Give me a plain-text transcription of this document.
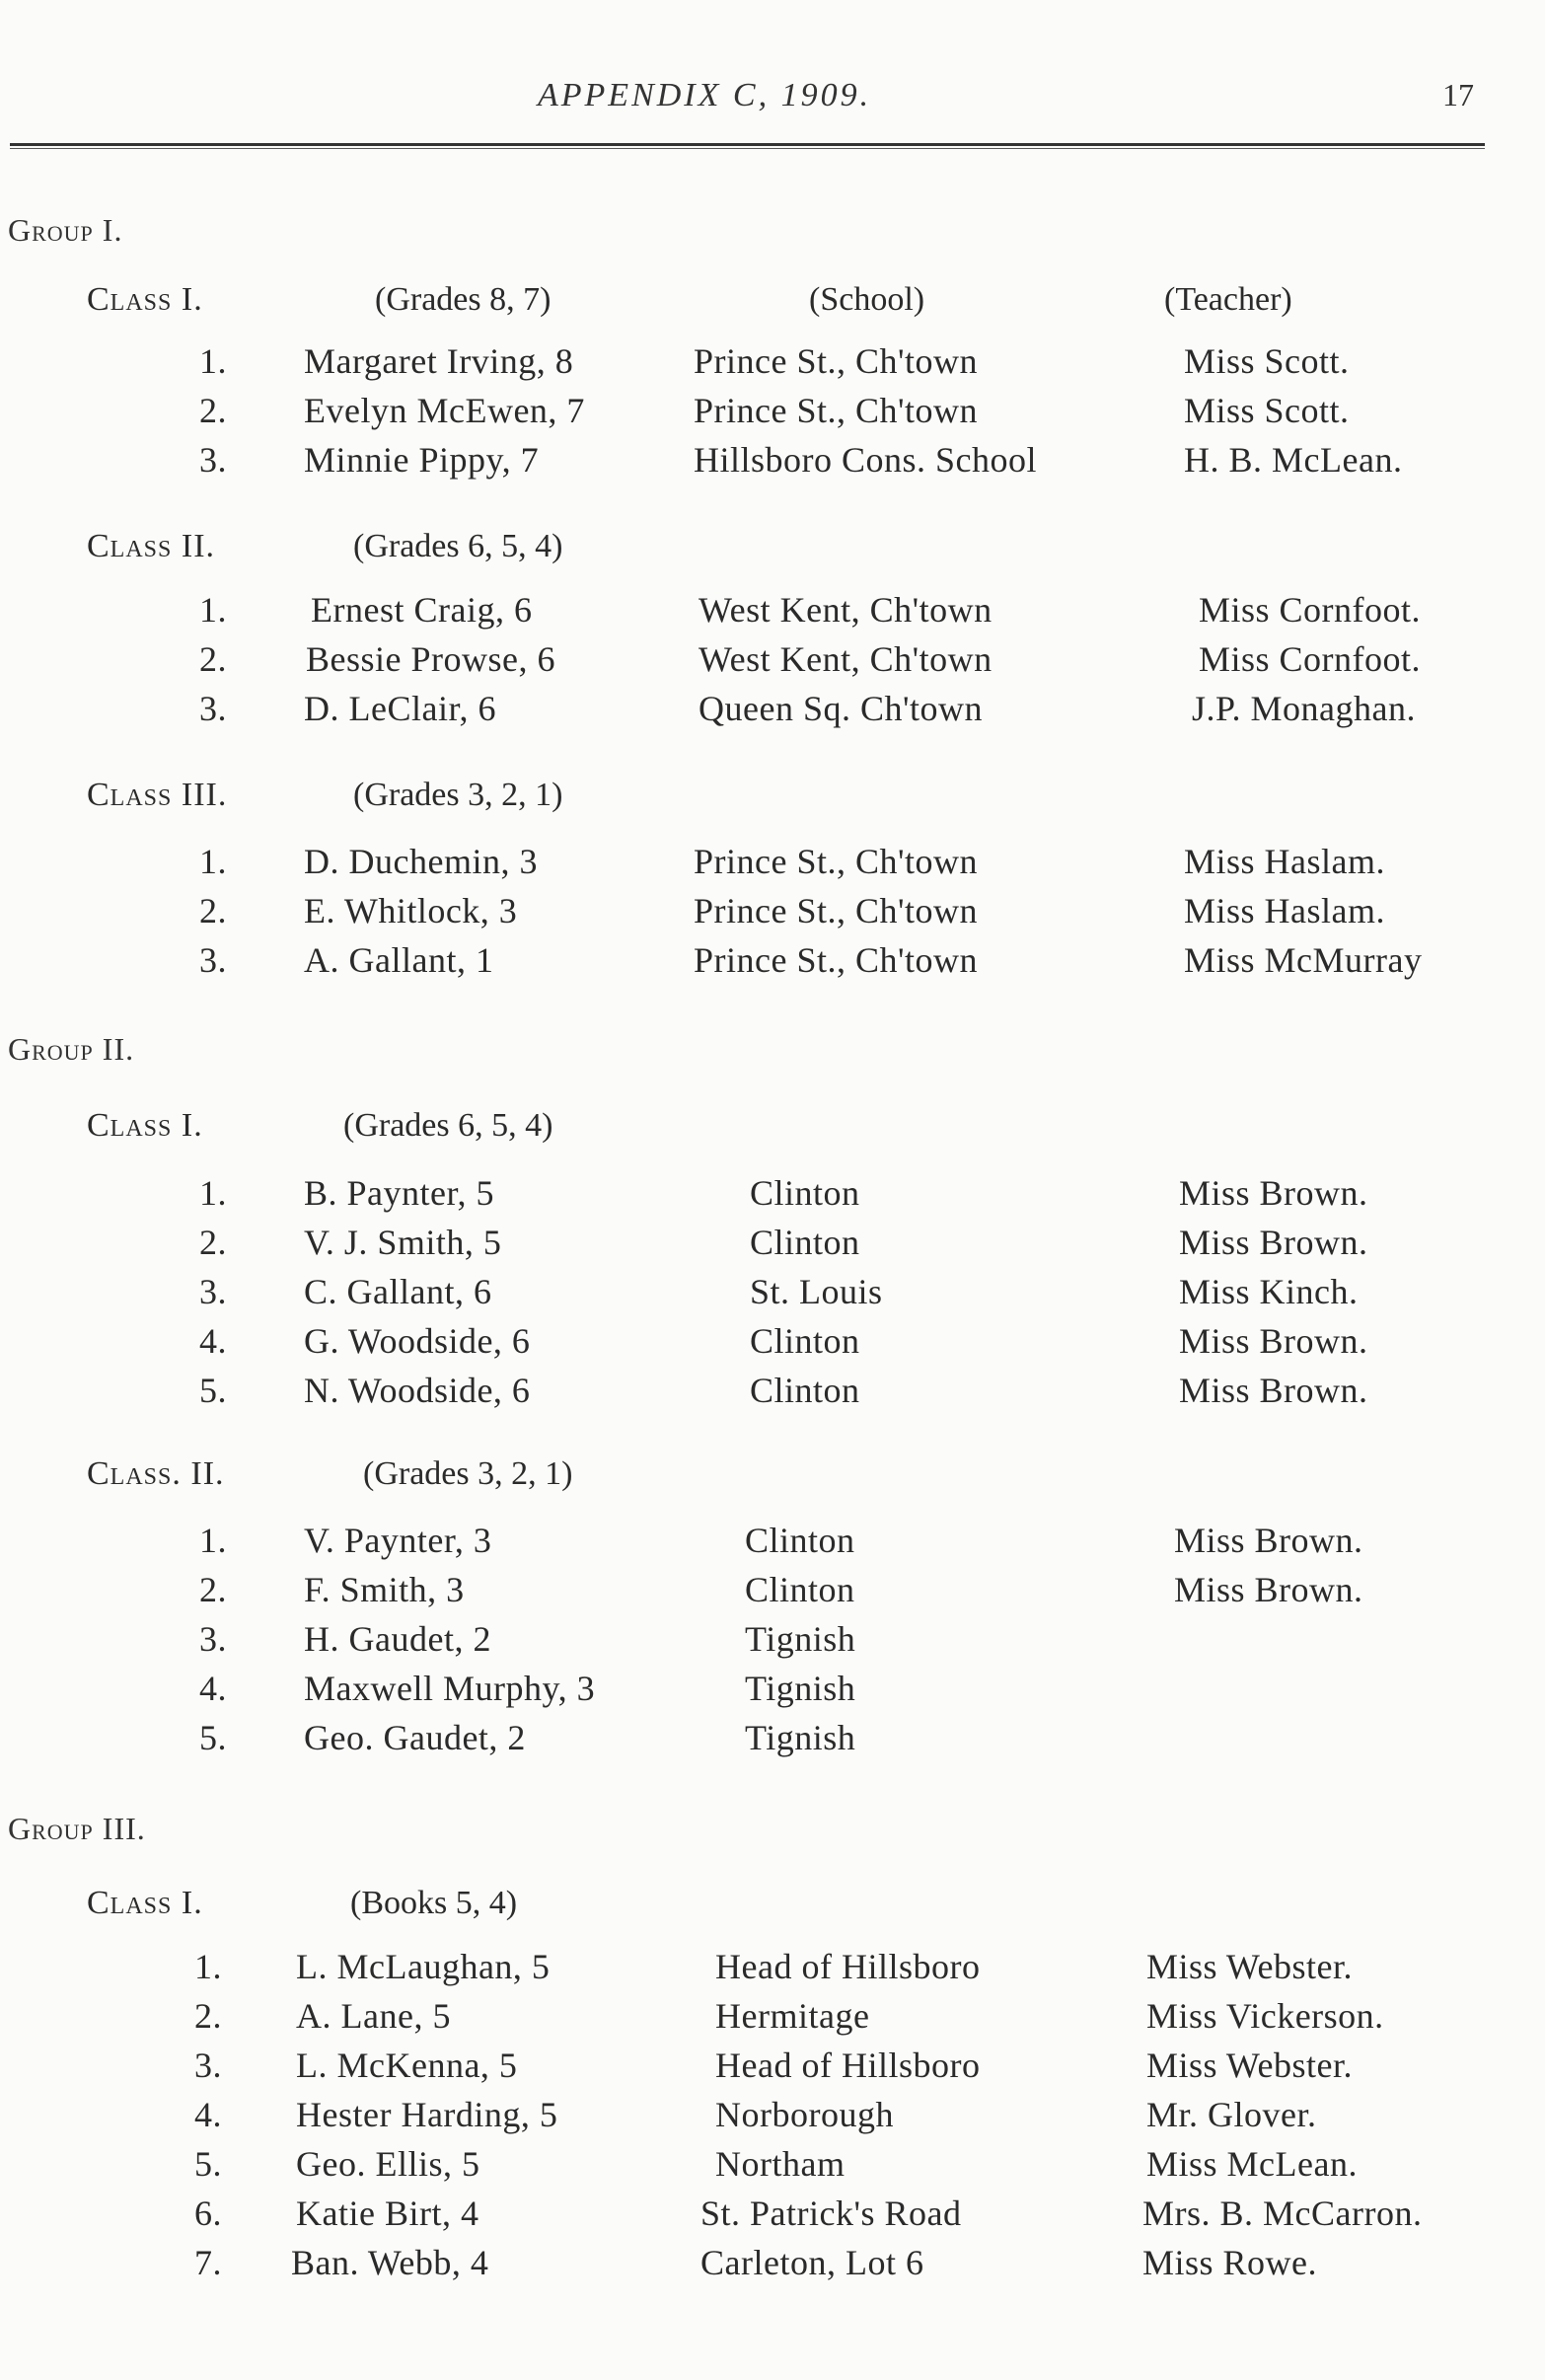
APPENDIX C, 1909.	17
Group I.
Class I.	(Grades 8, 7)	(School)	(Teacher)
1. Margaret Irving, 8	Prince St., Ch'town	Miss Scott.
2. Evelyn McEwen, 7	Prince St., Ch'town	Miss Scott.
3. Minnie Pippy, 7	Hillsboro Cons. School	H. B. McLean.
Class II.	(Grades 6, 5, 4)
1. Ernest Craig, 6	West Kent, Ch'town	Miss Cornfoot.
2. Bessie Prowse, 6	West Kent, Ch'town	Miss Cornfoot.
3. D. LeClair, 6	Queen Sq. Ch'town	J.P. Monaghan.
Class III.	(Grades 3, 2, 1)
1. D. Duchemin, 3	Prince St., Ch'town	Miss Haslam.
2. E. Whitlock, 3	Prince St., Ch'town	Miss Haslam.
3. A. Gallant, 1	Prince St., Ch'town	Miss McMurray
Group II.
Class I.	(Grades 6, 5, 4)
1. B. Paynter, 5	Clinton	Miss Brown.
2. V. J. Smith, 5	Clinton	Miss Brown.
3. C. Gallant, 6	St. Louis	Miss Kinch.
4. G. Woodside, 6	Clinton	Miss Brown.
5. N. Woodside, 6	Clinton	Miss Brown.
Class. II.	(Grades 3, 2, 1)
1. V. Paynter, 3	Clinton	Miss Brown.
2. F. Smith, 3	Clinton	Miss Brown.
3. H. Gaudet, 2	Tignish
4. Maxwell Murphy, 3	Tignish
5. Geo. Gaudet, 2	Tignish
Group III.
Class I.	(Books 5, 4)
1. L. McLaughan, 5	Head of Hillsboro	Miss Webster.
2. A. Lane, 5	Hermitage	Miss Vickerson.
3. L. McKenna, 5	Head of Hillsboro	Miss Webster.
4. Hester Harding, 5	Norborough	Mr. Glover.
5. Geo. Ellis, 5	Northam	Miss McLean.
6. Katie Birt, 4	St. Patrick's Road	Mrs. B. McCarron.
7. Ban. Webb, 4	Carleton, Lot 6	Miss Rowe.
